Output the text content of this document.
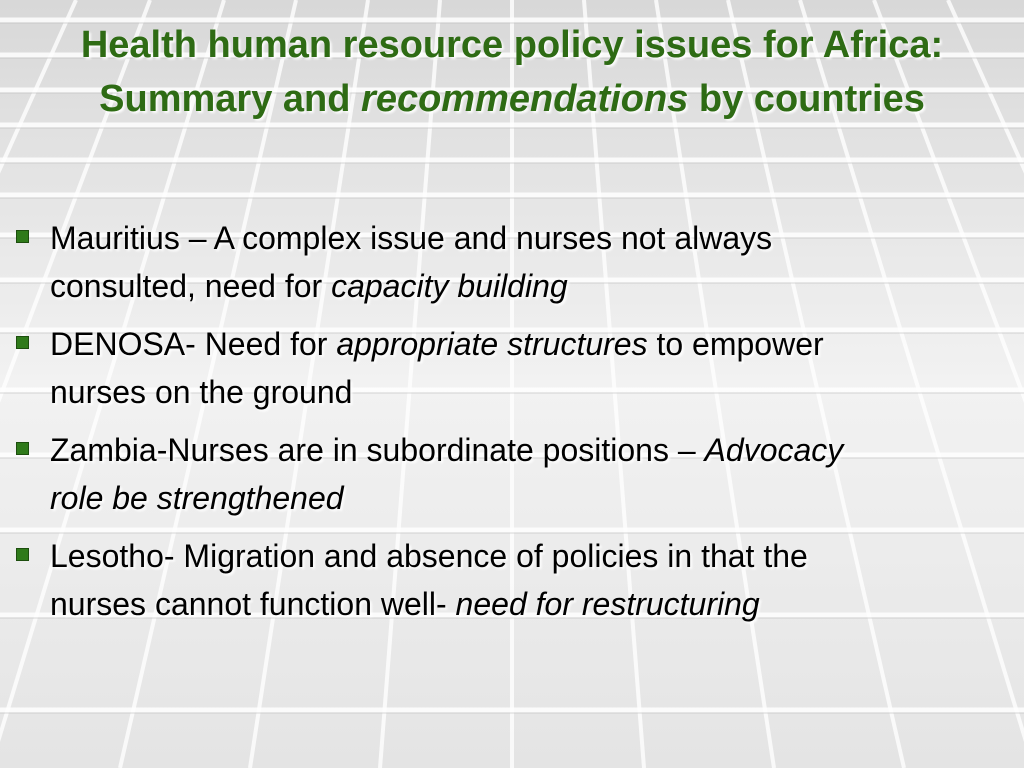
Health human resource policy issues for Africa: Summary and recommendations by countries
Mauritius – A complex issue and nurses not always consulted, need for capacity building
DENOSA- Need for appropriate structures to empower nurses on the ground
Zambia-Nurses are in subordinate positions – Advocacy role be strengthened
Lesotho- Migration and absence of policies in that the nurses cannot function well- need for restructuring
